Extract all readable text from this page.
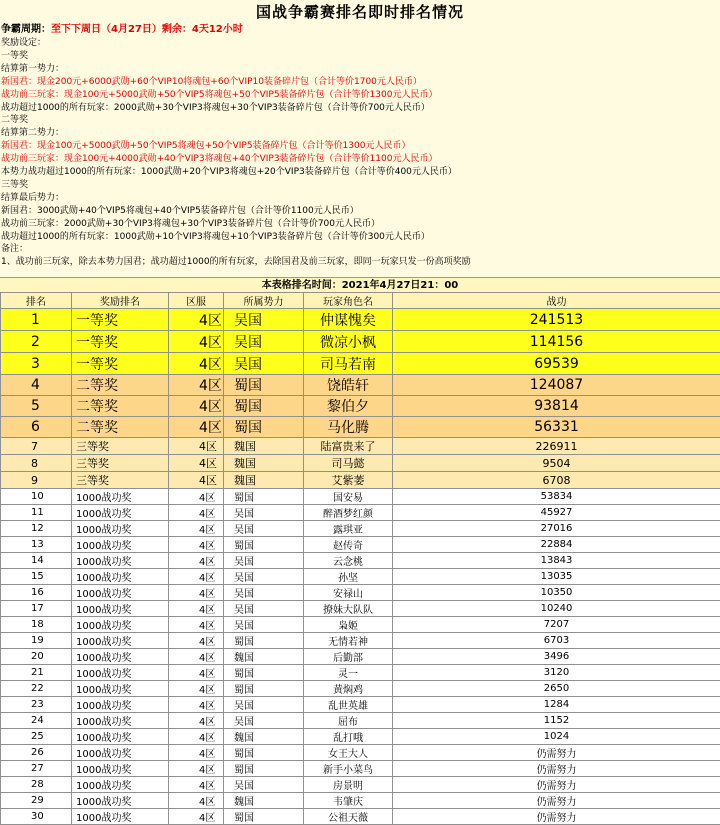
国战争霸赛排名即时排名情况
争霸周期：至下下周日（4月27日）剩余：4天12小时
奖励设定：
一等奖
结算第一势力：
新国君：现金200元+6000武勋+60个VIP10将魂包+60个VIP10装备碎片包（合计等价1700元人民币）
战功前三玩家：现金100元+5000武勋+50个VIP5将魂包+50个VIP5装备碎片包（合计等价1300元人民币）
战功超过1000的所有玩家：2000武勋+30个VIP3将魂包+30个VIP3装备碎片包（合计等价700元人民币）
二等奖
结算第二势力：
新国君：现金100元+5000武勋+50个VIP5将魂包+50个VIP5装备碎片包（合计等价1300元人民币）
战功前三玩家：现金100元+4000武勋+40个VIP3将魂包+40个VIP3装备碎片包（合计等价1100元人民币）
本势力战功超过1000的所有玩家：1000武勋+20个VIP3将魂包+20个VIP3装备碎片包（合计等价400元人民币）
三等奖
结算最后势力：
新国君：3000武勋+40个VIP5将魂包+40个VIP5装备碎片包（合计等价1100元人民币）
战功前三玩家：2000武勋+30个VIP3将魂包+30个VIP3装备碎片包（合计等价700元人民币）
战功超过1000的所有玩家：1000武勋+10个VIP3将魂包+10个VIP3装备碎片包（合计等价300元人民币）
备注：
1、战功前三玩家，除去本势力国君；战功超过1000的所有玩家，去除国君及前三玩家，即同一玩家只发一份高项奖励
本表格排名时间：2021年4月27日21：00
排名	奖励排名	区服	所属势力	玩家角色名	战功
1	一等奖	4区	吴国	仲谋愧矣	241513
2	一等奖	4区	吴国	微凉小枫	114156
3	一等奖	4区	吴国	司马若南	69539
4	二等奖	4区	蜀国	饶皓轩	124087
5	二等奖	4区	蜀国	黎伯夕	93814
6	二等奖	4区	蜀国	马化腾	56331
7	三等奖	4区	魏国	陆富贵来了	226911
8	三等奖	4区	魏国	司马懿	9504
9	三等奖	4区	魏国	艾紫萎	6708
10	1000战功奖	4区	蜀国	国安易	53834
11	1000战功奖	4区	吴国	醉酒梦红颜	45927
12	1000战功奖	4区	吴国	露琪亚	27016
13	1000战功奖	4区	蜀国	赵传奇	22884
14	1000战功奖	4区	吴国	云念桃	13843
15	1000战功奖	4区	吴国	孙坚	13035
16	1000战功奖	4区	吴国	安禄山	10350
17	1000战功奖	4区	吴国	撩妹大队队	10240
18	1000战功奖	4区	吴国	枭姬	7207
19	1000战功奖	4区	蜀国	无情若神	6703
20	1000战功奖	4区	魏国	后勤部	3496
21	1000战功奖	4区	蜀国	灵一	3120
22	1000战功奖	4区	蜀国	黄焖鸡	2650
23	1000战功奖	4区	吴国	乱世英雄	1284
24	1000战功奖	4区	吴国	屈布	1152
25	1000战功奖	4区	魏国	乱打哦	1024
26	1000战功奖	4区	蜀国	女王大人	仍需努力
27	1000战功奖	4区	蜀国	新手小菜鸟	仍需努力
28	1000战功奖	4区	吴国	房景明	仍需努力
29	1000战功奖	4区	魏国	韦肇庆	仍需努力
30	1000战功奖	4区	蜀国	公祖天薇	仍需努力
